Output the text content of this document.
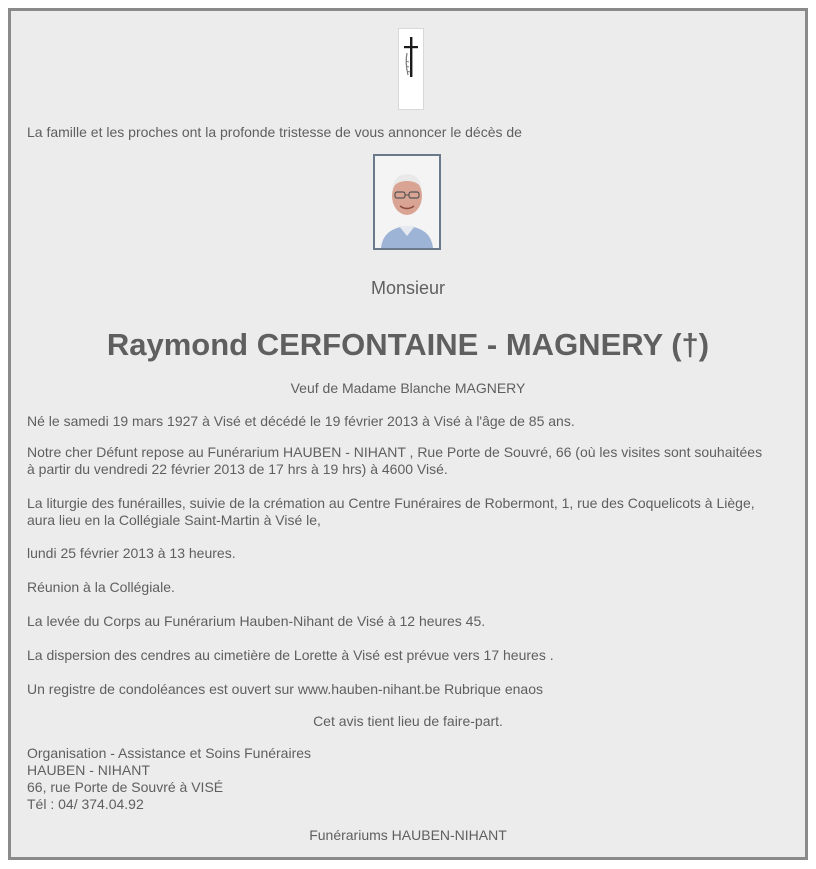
La famille et les proches ont la profonde tristesse de vous annoncer le décès de
Monsieur
Raymond CERFONTAINE - MAGNERY (†)
Veuf de Madame Blanche MAGNERY
Né le samedi 19 mars 1927 à Visé et décédé le 19 février 2013 à Visé à l'âge de 85 ans.
Notre cher Défunt repose au Funérarium HAUBEN - NIHANT , Rue Porte de Souvré, 66 (où les visites sont souhaitées
à partir du vendredi 22 février 2013 de 17 hrs à 19 hrs) à 4600 Visé.
La liturgie des funérailles, suivie de la crémation au Centre Funéraires de Robermont, 1, rue des Coquelicots à Liège,
aura lieu en la Collégiale Saint-Martin à Visé le,
lundi 25 février 2013 à 13 heures.
Réunion à la Collégiale.
La levée du Corps au Funérarium Hauben-Nihant de Visé à 12 heures 45.
La dispersion des cendres au cimetière de Lorette à Visé est prévue vers 17 heures .
Un registre de condoléances est ouvert sur www.hauben-nihant.be Rubrique enaos
Cet avis tient lieu de faire-part.
Organisation - Assistance et Soins Funéraires
HAUBEN - NIHANT
66, rue Porte de Souvré à VISÉ
Tél : 04/ 374.04.92
Funérariums HAUBEN-NIHANT
